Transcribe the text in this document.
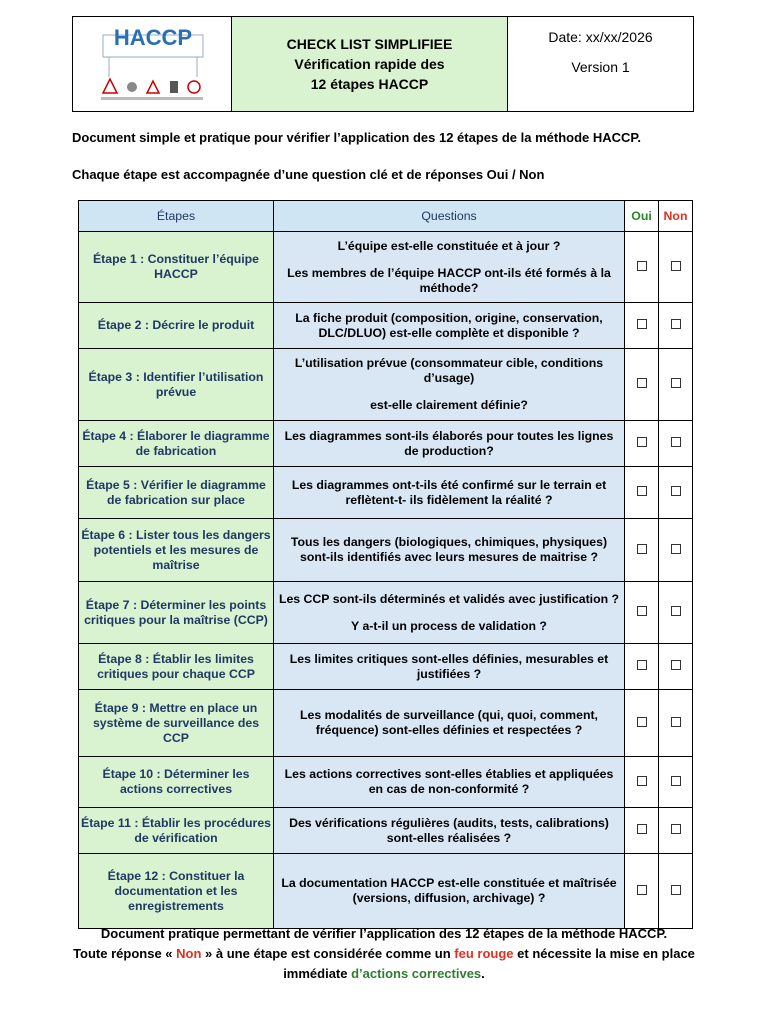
HACCP	CHECK LIST SIMPLIFIEE
Vérification rapide des
12 étapes HACCP
Date: xx/xx/2026
Version 1
Document simple et pratique pour vérifier l’application des 12 étapes de la méthode HACCP.
Chaque étape est accompagnée d’une question clé et de réponses Oui / Non
Étapes	Questions	Oui	Non
Étape 1 : Constituer l’équipe HACCP	L’équipe est-elle constituée et à jour ?
Les membres de l’équipe HACCP ont-ils été formés à la méthode?		

Étape 2 : Décrire le produit	La fiche produit (composition, origine, conservation, DLC/DLUO) est-elle complète et disponible ?		

Étape 3 : Identifier l’utilisation prévue	L’utilisation prévue (consommateur cible, conditions d’usage)
est-elle clairement définie?		

Étape 4 : Élaborer le diagramme de fabrication	Les diagrammes sont-ils élaborés pour toutes les lignes de production?		

Étape 5 : Vérifier le diagramme de fabrication sur place	Les diagrammes ont-t-ils été confirmé sur le terrain et reflètent-t- ils fidèlement la réalité ?		

Étape 6 : Lister tous les dangers potentiels et les mesures de maîtrise	Tous les dangers (biologiques, chimiques, physiques) sont-ils identifiés avec leurs mesures de maitrise ?		

Étape 7 : Déterminer les points critiques pour la maîtrise (CCP)	Les CCP sont-ils déterminés et validés avec justification ?
Y a-t-il un process de validation ?		

Étape 8 : Établir les limites critiques pour chaque CCP	Les limites critiques sont-elles définies, mesurables et justifiées ?		

Étape 9 : Mettre en place un système de surveillance des CCP	Les modalités de surveillance (qui, quoi, comment, fréquence) sont-elles définies et respectées ?		

Étape 10 : Déterminer les actions correctives	Les actions correctives sont-elles établies et appliquées en cas de non-conformité ?		

Étape 11 : Établir les procédures de vérification	Des vérifications régulières (audits, tests, calibrations) sont-elles réalisées ?		

Étape 12 : Constituer la documentation et les enregistrements	La documentation HACCP est-elle constituée et maîtrisée (versions, diffusion, archivage) ?		

Document pratique permettant de vérifier l’application des 12 étapes de la méthode HACCP.
Toute réponse « Non » à une étape est considérée comme un feu rouge et nécessite la mise en place
immédiate d’actions correctives.
